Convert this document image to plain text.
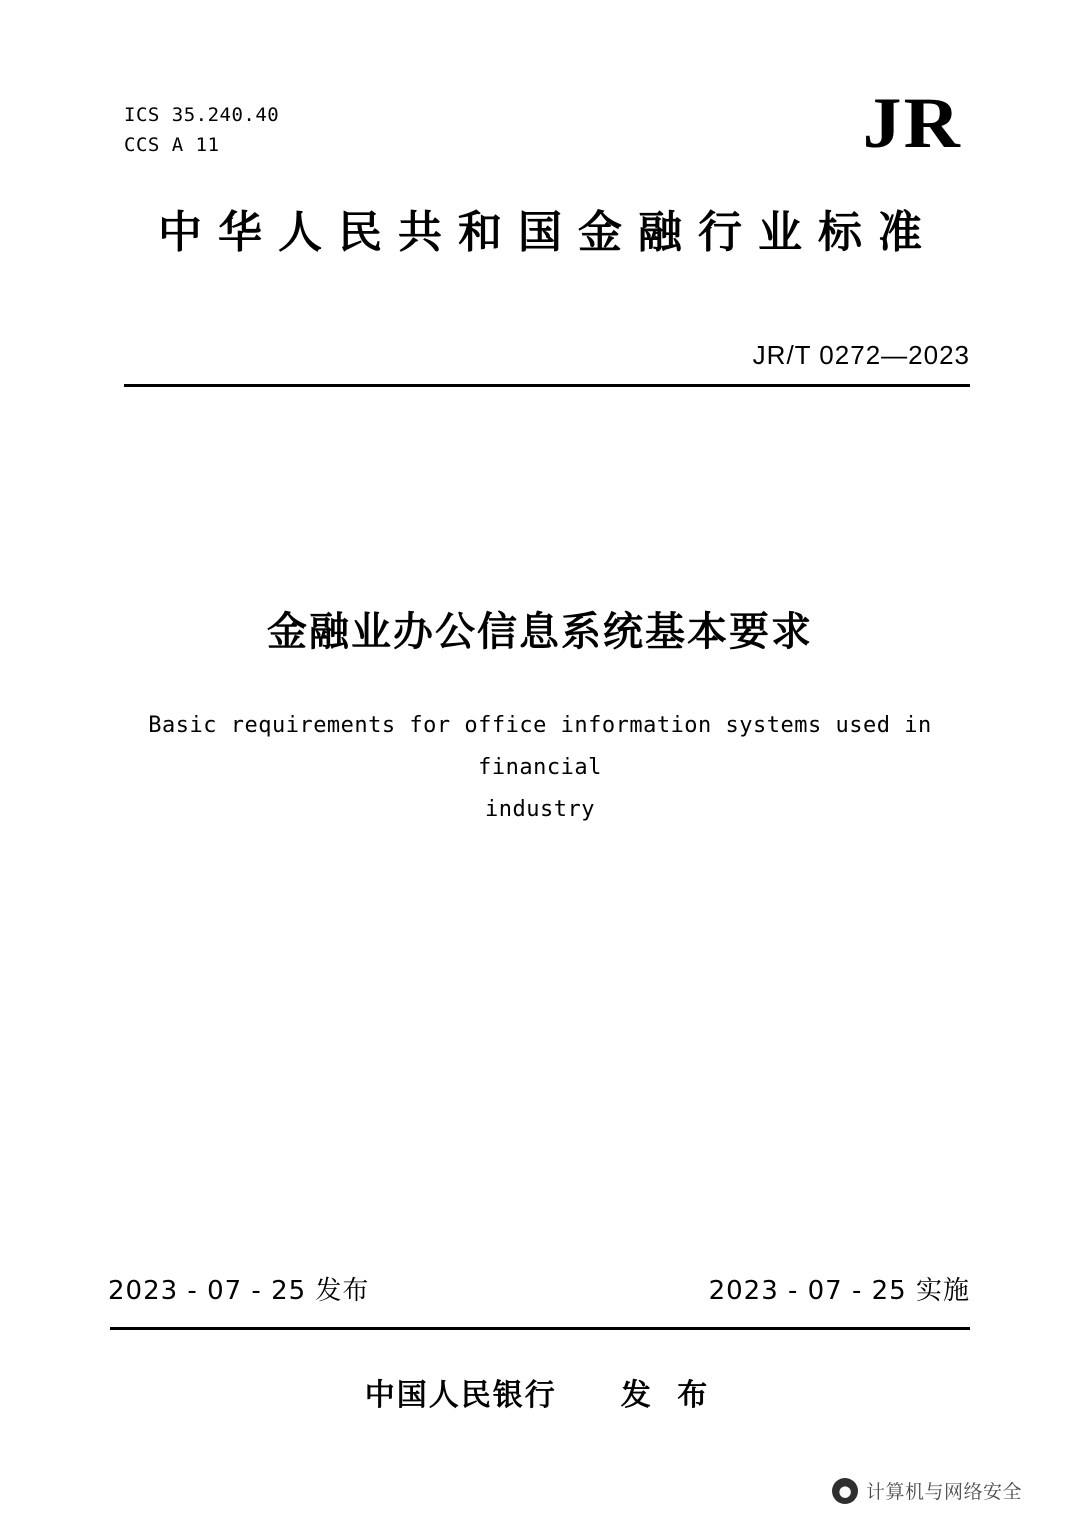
ICS 35.240.40
CCS A 11	JR
中华人民共和国金融行业标准
JR/T 0272—2023
金融业办公信息系统基本要求
Basic requirements for office information systems used in financial
industry
2023 - 07 - 25 发布	2023 - 07 - 25 实施
中国人民银行 发 布
● 计算机与网络安全
